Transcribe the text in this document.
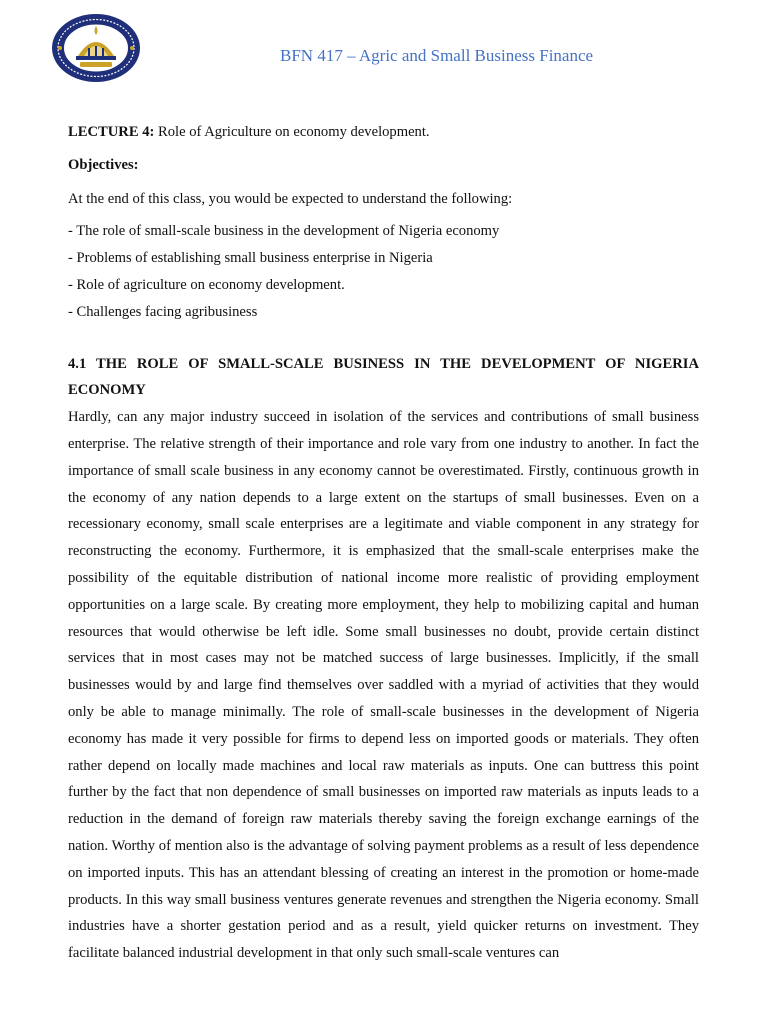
BFN 417 – Agric and Small Business Finance

LECTURE 4: Role of Agriculture on economy development.

Objectives:

At the end of this class, you would be expected to understand the following:

- The role of small-scale business in the development of Nigeria economy
- Problems of establishing small business enterprise in Nigeria
- Role of agriculture on economy development.
- Challenges facing agribusiness

4.1 THE ROLE OF SMALL-SCALE BUSINESS IN THE DEVELOPMENT OF NIGERIA ECONOMY

Hardly, can any major industry succeed in isolation of the services and contributions of small business enterprise. The relative strength of their importance and role vary from one industry to another. In fact the importance of small scale business in any economy cannot be overestimated. Firstly, continuous growth in the economy of any nation depends to a large extent on the startups of small businesses. Even on a recessionary economy, small scale enterprises are a legitimate and viable component in any strategy for reconstructing the economy. Furthermore, it is emphasized that the small-scale enterprises make the possibility of the equitable distribution of national income more realistic of providing employment opportunities on a large scale. By creating more employment, they help to mobilizing capital and human resources that would otherwise be left idle. Some small businesses no doubt, provide certain distinct services that in most cases may not be matched success of large businesses. Implicitly, if the small businesses would by and large find themselves over saddled with a myriad of activities that they would only be able to manage minimally. The role of small-scale businesses in the development of Nigeria economy has made it very possible for firms to depend less on imported goods or materials. They often rather depend on locally made machines and local raw materials as inputs. One can buttress this point further by the fact that non dependence of small businesses on imported raw materials as inputs leads to a reduction in the demand of foreign raw materials thereby saving the foreign exchange earnings of the nation. Worthy of mention also is the advantage of solving payment problems as a result of less dependence on imported inputs. This has an attendant blessing of creating an interest in the promotion or home-made products. In this way small business ventures generate revenues and strengthen the Nigeria economy. Small industries have a shorter gestation period and as a result, yield quicker returns on investment. They facilitate balanced industrial development in that only such small-scale ventures can
